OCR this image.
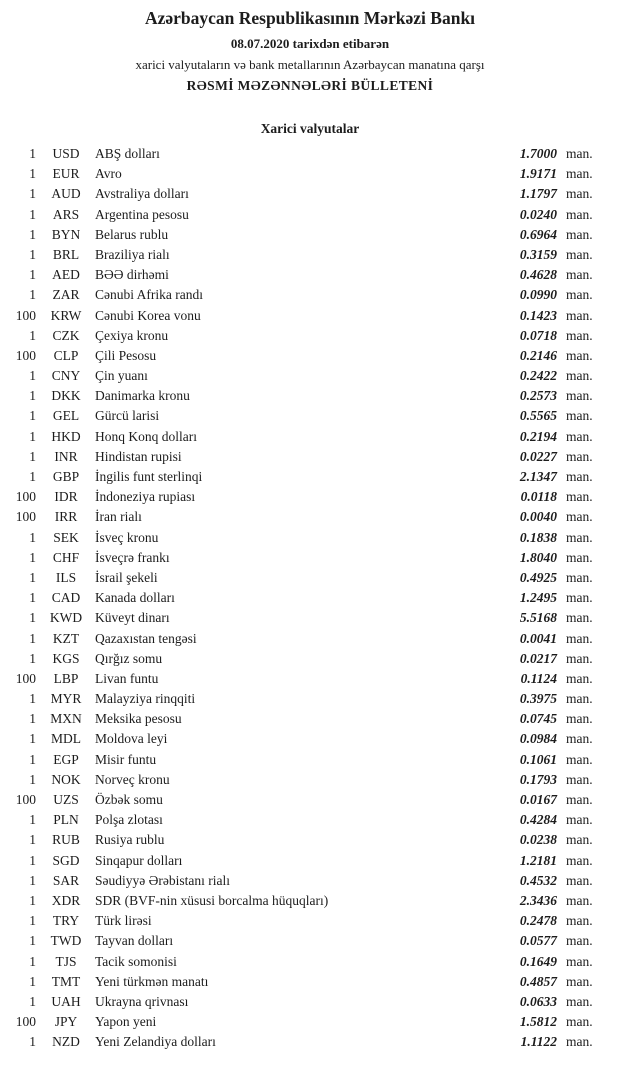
Azərbaycan Respublikasının Mərkəzi Bankı

08.07.2020 tarixdən etibarən

xarici valyutaların və bank metallarının Azərbaycan manatına qarşı

RƏSMİ MƏZƏNNƏLƏRİ BÜLLETENİ

Xarici valyutalar
1	USD	ABŞ dolları	1.7000 man.
1	EUR	Avro	1.9171 man.
1	AUD	Avstraliya dolları	1.1797 man.
1	ARS	Argentina pesosu	0.0240 man.
1	BYN	Belarus rublu	0.6964 man.
1	BRL	Braziliya rialı	0.3159 man.
1	AED	BƏƏ dirhəmi	0.4628 man.
1	ZAR	Cənubi Afrika randı	0.0990 man.
100	KRW	Cənubi Korea vonu	0.1423 man.
1	CZK	Çexiya kronu	0.0718 man.
100	CLP	Çili Pesosu	0.2146 man.
1	CNY	Çin yuanı	0.2422 man.
1	DKK	Danimarka kronu	0.2573 man.
1	GEL	Gürcü larisi	0.5565 man.
1	HKD	Honq Konq dolları	0.2194 man.
1	INR	Hindistan rupisi	0.0227 man.
1	GBP	İngilis funt sterlinqi	2.1347 man.
100	IDR	İndoneziya rupiası	0.0118 man.
100	IRR	İran rialı	0.0040 man.
1	SEK	İsveç kronu	0.1838 man.
1	CHF	İsveçrə frankı	1.8040 man.
1	ILS	İsrail şekeli	0.4925 man.
1	CAD	Kanada dolları	1.2495 man.
1	KWD Küveyt dinarı	5.5168 man.
1	KZT	Qazaxıstan tengəsi	0.0041 man.
1	KGS	Qırğız somu	0.0217 man.
100	LBP	Livan funtu	0.1124 man.
1	MYR	Malayziya rinqqiti	0.3975 man.
1	MXN Meksika pesosu	0.0745 man.
1	MDL	Moldova leyi	0.0984 man.
1	EGP	Misir funtu	0.1061 man.
1	NOK	Norveç kronu	0.1793 man.
100	UZS	Özbək somu	0.0167 man.
1	PLN	Polşa zlotası	0.4284 man.
1	RUB	Rusiya rublu	0.0238 man.
1	SGD	Sinqapur dolları	1.2181 man.
1	SAR	Səudiyyə Ərəbistanı rialı	0.4532 man.
1	XDR	SDR (BVF-nin xüsusi borcalma hüquqları)	2.3436 man.
1	TRY	Türk lirəsi	0.2478 man.
1	TWD	Tayvan dolları	0.0577 man.
1	TJS	Tacik somonisi	0.1649 man.
1	TMT	Yeni türkmən manatı	0.4857 man.
1	UAH	Ukrayna qrivnası	0.0633 man.
100	JPY	Yapon yeni	1.5812 man.
1	NZD	Yeni Zelandiya dolları	1.1122 man.
